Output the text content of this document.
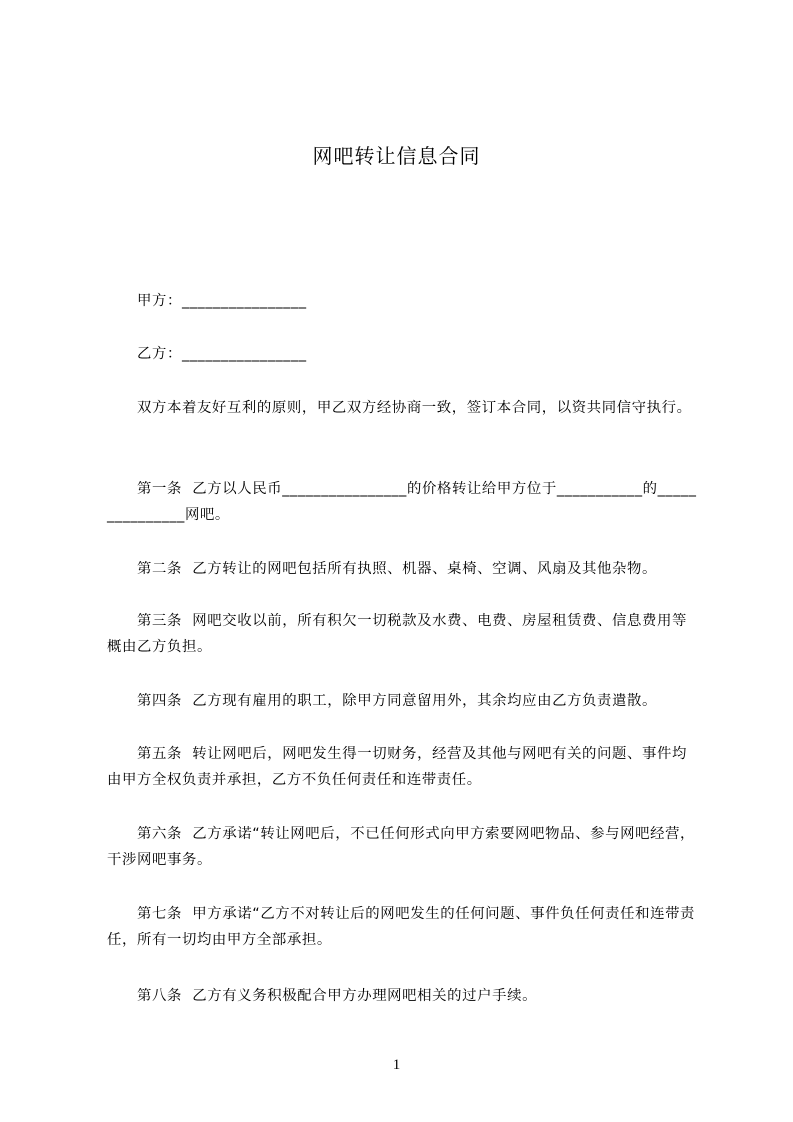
网吧转让信息合同
　　甲方：________________
　　乙方：________________
　　双方本着友好互利的原则，甲乙双方经协商一致，签订本合同，以资共同信守执行。
　　第一条  乙方以人民币________________的价格转让给甲方位于___________的_______________网吧。
　　第二条  乙方转让的网吧包括所有执照、机器、桌椅、空调、风扇及其他杂物。
　　第三条  网吧交收以前，所有积欠一切税款及水费、电费、房屋租赁费、信息费用等概由乙方负担。
　　第四条  乙方现有雇用的职工，除甲方同意留用外，其余均应由乙方负责遣散。
　　第五条  转让网吧后，网吧发生得一切财务，经营及其他与网吧有关的问题、事件均由甲方全权负责并承担，乙方不负任何责任和连带责任。
　　第六条  乙方承诺“转让网吧后，不已任何形式向甲方索要网吧物品、参与网吧经营，干涉网吧事务。
　　第七条  甲方承诺“乙方不对转让后的网吧发生的任何问题、事件负任何责任和连带责任，所有一切均由甲方全部承担。
　　第八条  乙方有义务积极配合甲方办理网吧相关的过户手续。
1
